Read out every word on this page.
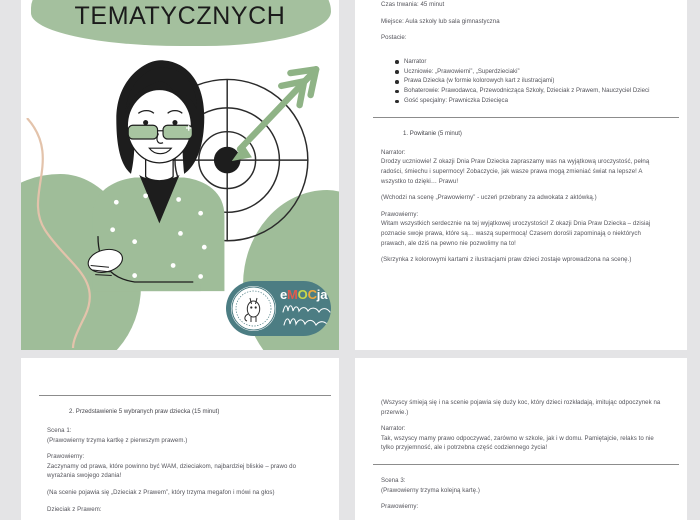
TEMATYCZNYCH
eMOCja

Czas trwania: 45 minut

Miejsce: Aula szkoły lub sala gimnastyczna

Postacie:

Narrator
Uczniowie: „Prawowierni”, „Superdzieciaki”
Prawa Dziecka (w formie kolorowych kart z ilustracjami)
Bohaterowie: Prawodawca, Przewodnicząca Szkoły, Dzieciak z Prawem, Nauczyciel Dzieci
Gość specjalny: Prawniczka Dziecięca
1. Powitanie (5 minut)

Narrator:

Drodzy uczniowie! Z okazji Dnia Praw Dziecka zapraszamy was na wyjątkową uroczystość, pełną radości, śmiechu i supermocy! Zobaczycie, jak wasze prawa mogą zmieniać świat na lepsze! A wszystko to dzięki… Prawu!

(Wchodzi na scenę „Prawowierny” - uczeń przebrany za adwokata z aktówką.)

Prawowierny:

Witam wszystkich serdecznie na tej wyjątkowej uroczystości! Z okazji Dnia Praw Dziecka – dzisiaj poznacie swoje prawa, które są… waszą supermocą! Czasem dorośli zapominają o niektórych prawach, ale dziś na pewno nie pozwolimy na to!

(Skrzynka z kolorowymi kartami z ilustracjami praw dzieci zostaje wprowadzona na scenę.)

2. Przedstawienie 5 wybranych praw dziecka (15 minut)

Scena 1:

(Prawowierny trzyma kartkę z pierwszym prawem.)

Prawowierny:

Zaczynamy od prawa, które powinno być WAM, dzieciakom, najbardziej bliskie – prawo do wyrażania swojego zdania!

(Na scenie pojawia się „Dzieciak z Prawem”, który trzyma megafon i mówi na głos)

Dzieciak z Prawem:

(Wszyscy śmieją się i na scenie pojawia się duży koc, który dzieci rozkładają, imitując odpoczynek na przerwie.)

Narrator:

Tak, wszyscy mamy prawo odpoczywać, zarówno w szkole, jak i w domu. Pamiętajcie, relaks to nie tylko przyjemność, ale i potrzebna część codziennego życia!

Scena 3:

(Prawowierny trzyma kolejną kartę.)

Prawowierny:
